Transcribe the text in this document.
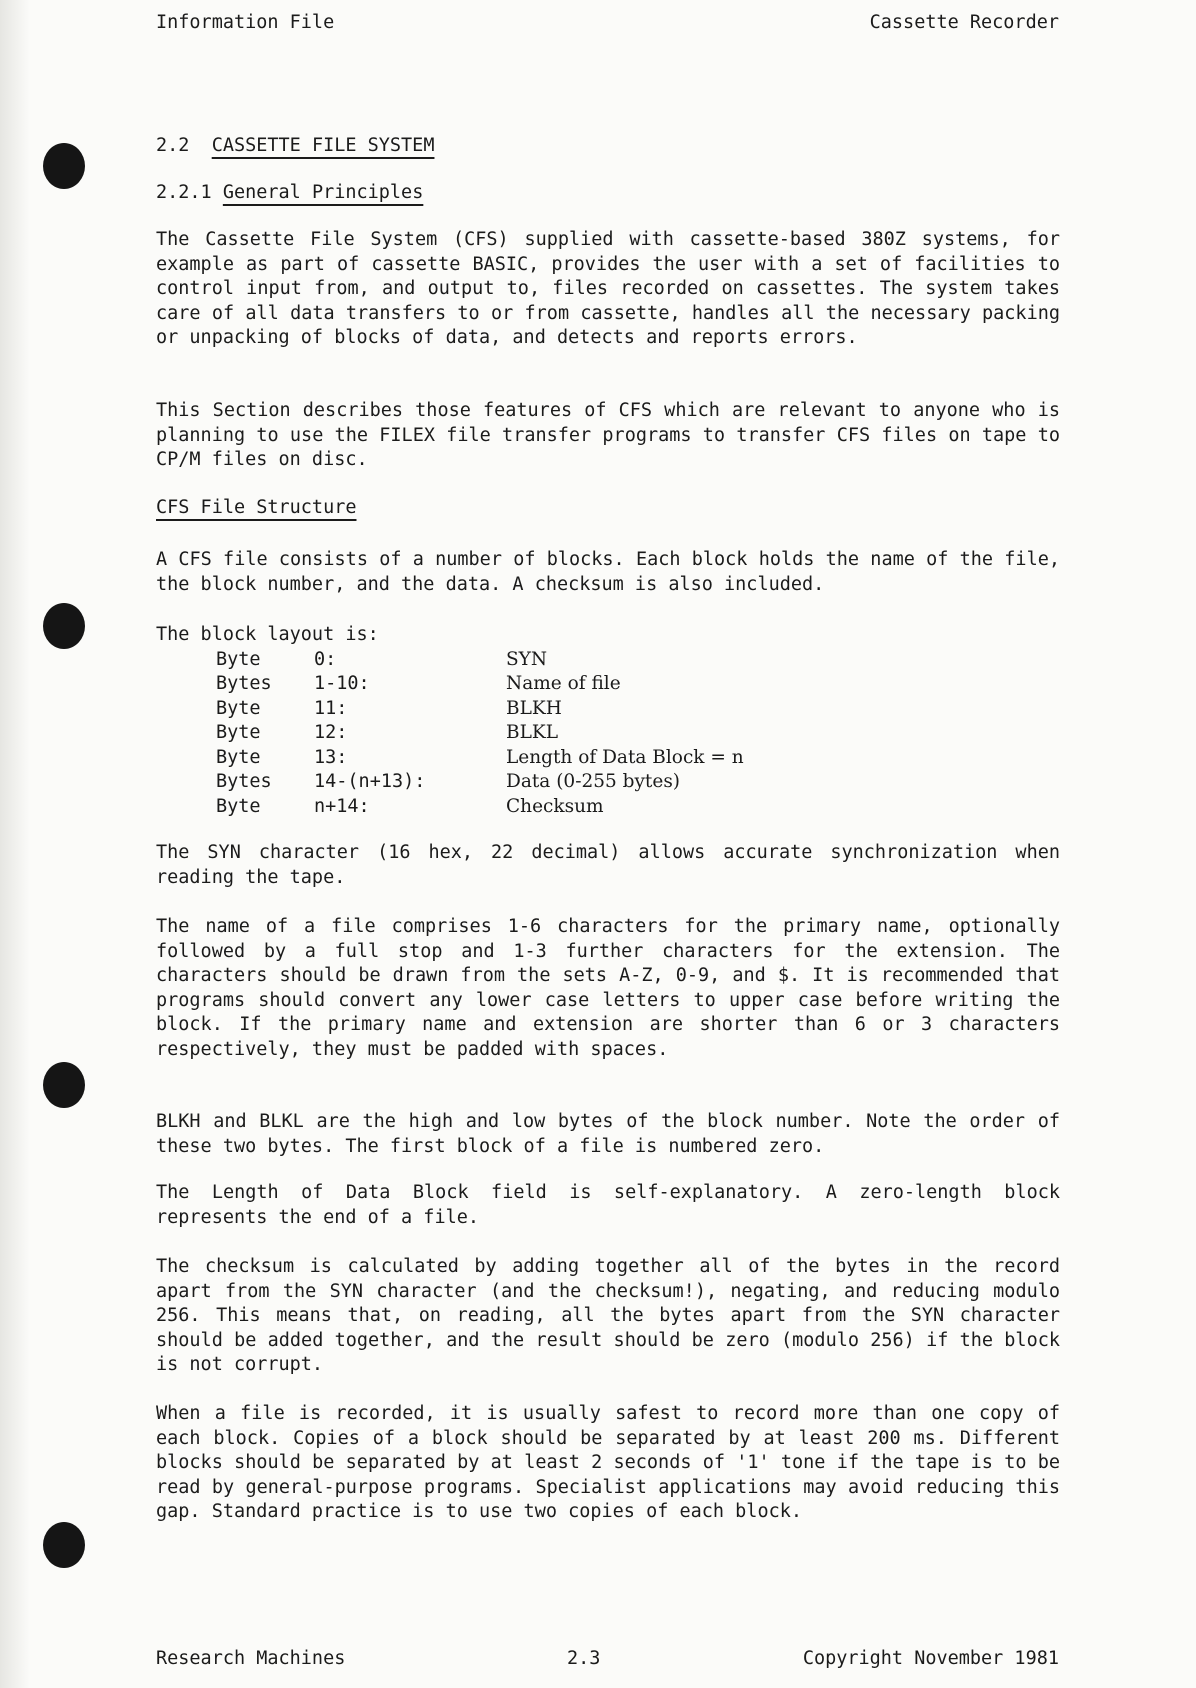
Information File	Cassette Recorder
2.2 CASSETTE FILE SYSTEM
2.2.1 General Principles

The Cassette File System (CFS) supplied with cassette-based 380Z systems, for example as part of cassette BASIC, provides the user with a set of facilities to control input from, and output to, files recorded on cassettes. The system takes care of all data transfers to or from cassette, handles all the necessary packing or unpacking of blocks of data, and detects and reports errors.

This Section describes those features of CFS which are relevant to anyone who is planning to use the FILEX file transfer programs to transfer CFS files on tape to CP/M files on disc.

CFS File Structure

A CFS file consists of a number of blocks. Each block holds the name of the file, the block number, and the data. A checksum is also included.

The block layout is:
Byte	0:	SYN
Bytes 1-10:	Name of file
Byte	11:	BLKH
Byte	12:	BLKL
Byte	13:	Length of Data Block = n
Bytes 14-(n+13):	Data (0-255 bytes)
Byte	n+14:	Checksum

The SYN character (16 hex, 22 decimal) allows accurate synchronization when reading the tape.

The name of a file comprises 1-6 characters for the primary name, optionally followed by a full stop and 1-3 further characters for the extension. The characters should be drawn from the sets A-Z, 0-9, and $. It is recommended that programs should convert any lower case letters to upper case before writing the block. If the primary name and extension are shorter than 6 or 3 characters respectively, they must be padded with spaces.

BLKH and BLKL are the high and low bytes of the block number. Note the order of these two bytes. The first block of a file is numbered zero.

The Length of Data Block field is self-explanatory. A zero-length block represents the end of a file.

The checksum is calculated by adding together all of the bytes in the record apart from the SYN character (and the checksum!), negating, and reducing modulo 256. This means that, on reading, all the bytes apart from the SYN character should be added together, and the result should be zero (modulo 256) if the block is not corrupt.

When a file is recorded, it is usually safest to record more than one copy of each block. Copies of a block should be separated by at least 200 ms. Different blocks should be separated by at least 2 seconds of '1' tone if the tape is to be read by general-purpose programs. Specialist applications may avoid reducing this gap. Standard practice is to use two copies of each block.

Research Machines	2.3	Copyright November 1981
